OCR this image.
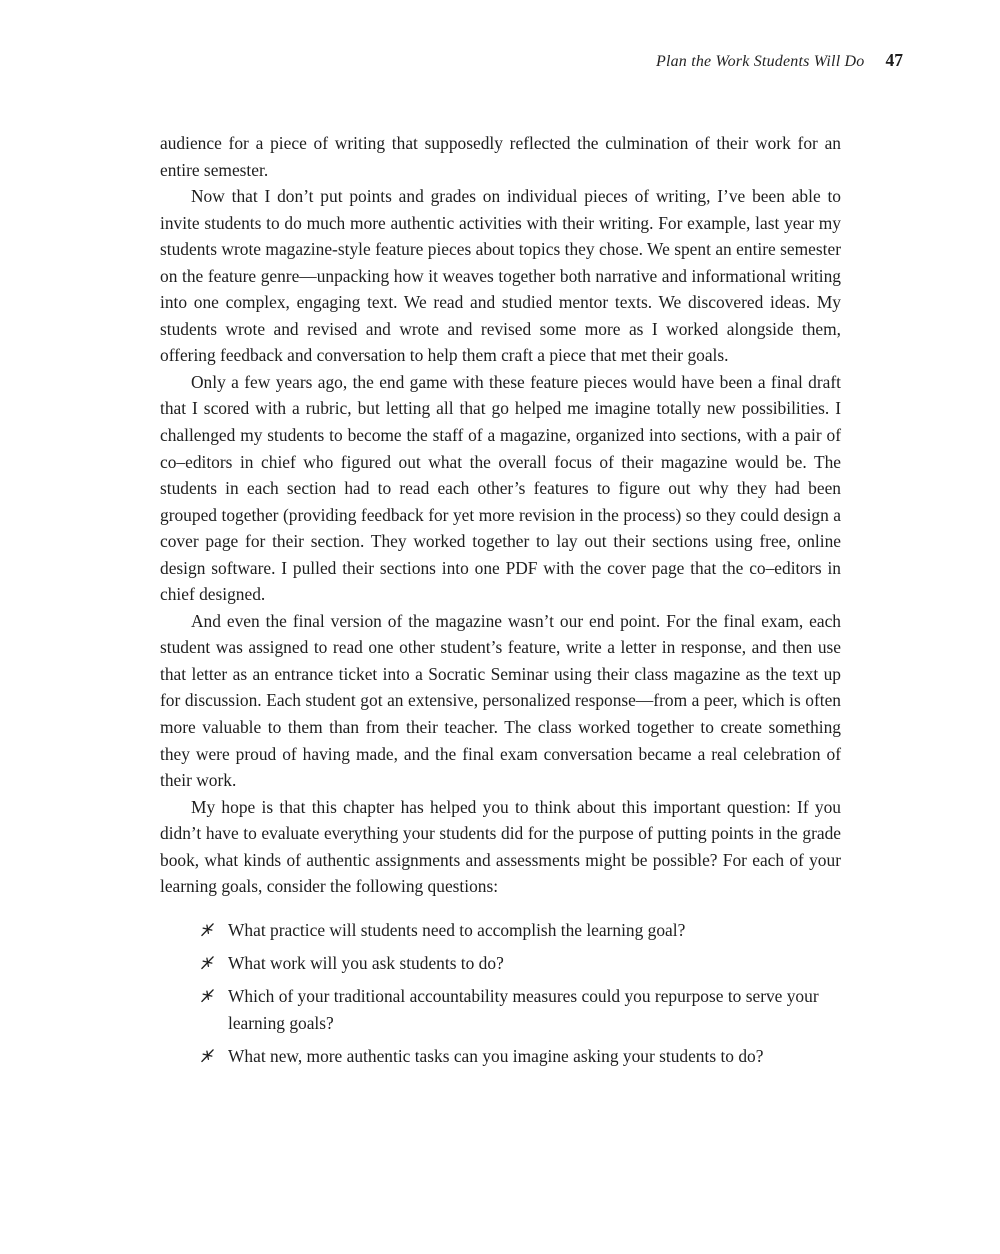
Plan the Work Students Will Do 47

audience for a piece of writing that supposedly reflected the culmination of their work for an entire semester.

Now that I don’t put points and grades on individual pieces of writing, I’ve been able to invite students to do much more authentic activities with their writing. For example, last year my students wrote magazine-style feature pieces about topics they chose. We spent an entire semester on the feature genre—unpacking how it weaves together both narrative and informational writing into one complex, engaging text. We read and studied mentor texts. We discovered ideas. My students wrote and revised and wrote and revised some more as I worked alongside them, offering feedback and conversation to help them craft a piece that met their goals.

Only a few years ago, the end game with these feature pieces would have been a final draft that I scored with a rubric, but letting all that go helped me imagine totally new possibilities. I challenged my students to become the staff of a magazine, organized into sections, with a pair of co–editors in chief who figured out what the overall focus of their magazine would be. The students in each section had to read each other’s features to figure out why they had been grouped together (providing feedback for yet more revision in the process) so they could design a cover page for their section. They worked together to lay out their sections using free, online design software. I pulled their sections into one PDF with the cover page that the co–editors in chief designed.

And even the final version of the magazine wasn’t our end point. For the final exam, each student was assigned to read one other student’s feature, write a letter in response, and then use that letter as an entrance ticket into a Socratic Seminar using their class magazine as the text up for discussion. Each student got an extensive, personalized response—from a peer, which is often more valuable to them than from their teacher. The class worked together to create something they were proud of having made, and the final exam conversation became a real celebration of their work.

My hope is that this chapter has helped you to think about this important question: If you didn’t have to evaluate everything your students did for the purpose of putting points in the grade book, what kinds of authentic assignments and assessments might be possible? For each of your learning goals, consider the following questions:

What practice will students need to accomplish the learning goal?
What work will you ask students to do?
Which of your traditional accountability measures could you repurpose to serve your learning goals?
What new, more authentic tasks can you imagine asking your students to do?
